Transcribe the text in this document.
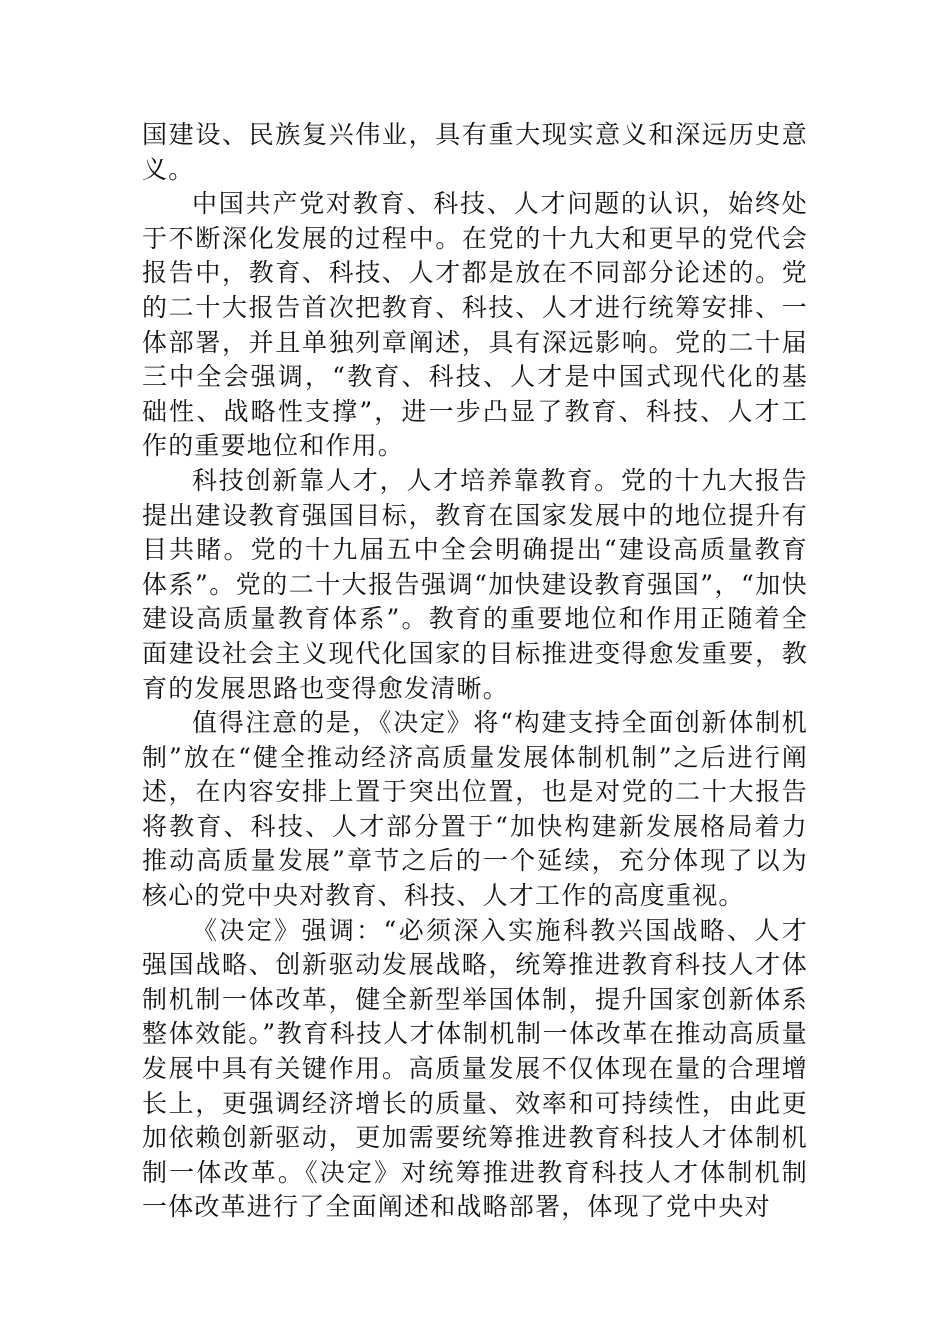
国建设、民族复兴伟业，具有重大现实意义和深远历史意义。

中国共产党对教育、科技、人才问题的认识，始终处于不断深化发展的过程中。在党的十九大和更早的党代会报告中，教育、科技、人才都是放在不同部分论述的。党的二十大报告首次把教育、科技、人才进行统筹安排、一体部署，并且单独列章阐述，具有深远影响。党的二十届三中全会强调，“教育、科技、人才是中国式现代化的基础性、战略性支撑”，进一步凸显了教育、科技、人才工作的重要地位和作用。

科技创新靠人才，人才培养靠教育。党的十九大报告提出建设教育强国目标，教育在国家发展中的地位提升有目共睹。党的十九届五中全会明确提出“建设高质量教育体系”。党的二十大报告强调“加快建设教育强国”，“加快建设高质量教育体系”。教育的重要地位和作用正随着全面建设社会主义现代化国家的目标推进变得愈发重要，教育的发展思路也变得愈发清晰。

值得注意的是，《决定》将“构建支持全面创新体制机制”放在“健全推动经济高质量发展体制机制”之后进行阐述，在内容安排上置于突出位置，也是对党的二十大报告将教育、科技、人才部分置于“加快构建新发展格局着力推动高质量发展”章节之后的一个延续，充分体现了以为核心的党中央对教育、科技、人才工作的高度重视。

《决定》强调：“必须深入实施科教兴国战略、人才强国战略、创新驱动发展战略，统筹推进教育科技人才体制机制一体改革，健全新型举国体制，提升国家创新体系整体效能。”教育科技人才体制机制一体改革在推动高质量发展中具有关键作用。高质量发展不仅体现在量的合理增长上，更强调经济增长的质量、效率和可持续性，由此更加依赖创新驱动，更加需要统筹推进教育科技人才体制机制一体改革。《决定》对统筹推进教育科技人才体制机制一体改革进行了全面阐述和战略部署，体现了党中央对
